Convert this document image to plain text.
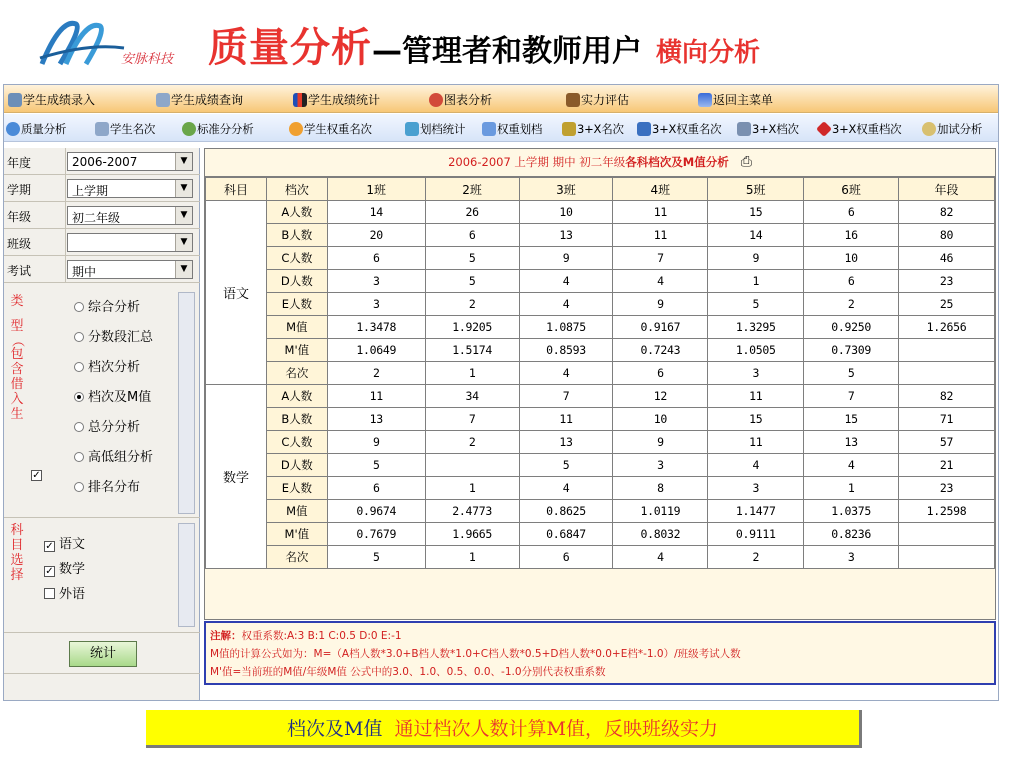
安脉科技 质量分析—管理者和教师用户 横向分析
学生成绩录入	学生成绩查询	学生成绩统计	图表分析	实力评估	返回主菜单
质量分析	学生名次	标准分分析	学生权重名次	划档统计	权重划档	3+X名次	3+X权重名次	3+X档次	3+X权重档次	加试分析
年度	2006-2007	▼
学期	上学期	▼
年级	初二年级	▼
班级	▼
考试	期中	▼
类
型
（
包
含
借
入
生
✓
综合分析
分数段汇总
档次分析
档次及M值
总分分析
高低组分析
排名分布
科
目
选
择
✓ 语文
✓ 数学
外语
统计
2006-2007 上学期 期中 初二年级各科档次及M值分析 ⎙
科目	档次	1班	2班	3班	4班	5班	6班	年段
语文	A人数	14	26	10	11	15	6	82
	B人数	20	6	13	11	14	16	80
	C人数	6	5	9	7	9	10	46
	D人数	3	5	4	4	1	6	23
	E人数	3	2	4	9	5	2	25
	M值	1.3478	1.9205	1.0875	0.9167	1.3295	0.9250	1.2656
	M'值	1.0649	1.5174	0.8593	0.7243	1.0505	0.7309	
	名次	2	1	4	6	3	5	
数学	A人数	11	34	7	12	11	7	82
	B人数	13	7	11	10	15	15	71
	C人数	9	2	13	9	11	13	57
	D人数	5		5	3	4	4	21
	E人数	6	1	4	8	3	1	23
	M值	0.9674	2.4773	0.8625	1.0119	1.1477	1.0375	1.2598
	M'值	0.7679	1.9665	0.6847	0.8032	0.9111	0.8236	
	名次	5	1	6	4	2	3	
注解：权重系数:A:3 B:1 C:0.5 D:0 E:-1
M值的计算公式如为：M=（A档人数*3.0+B档人数*1.0+C档人数*0.5+D档人数*0.0+E档*-1.0）/班级考试人数
M'值=当前班的M值/年级M值 公式中的3.0、1.0、0.5、0.0、-1.0分别代表权重系数
档次及M值 通过档次人数计算M值，反映班级实力
